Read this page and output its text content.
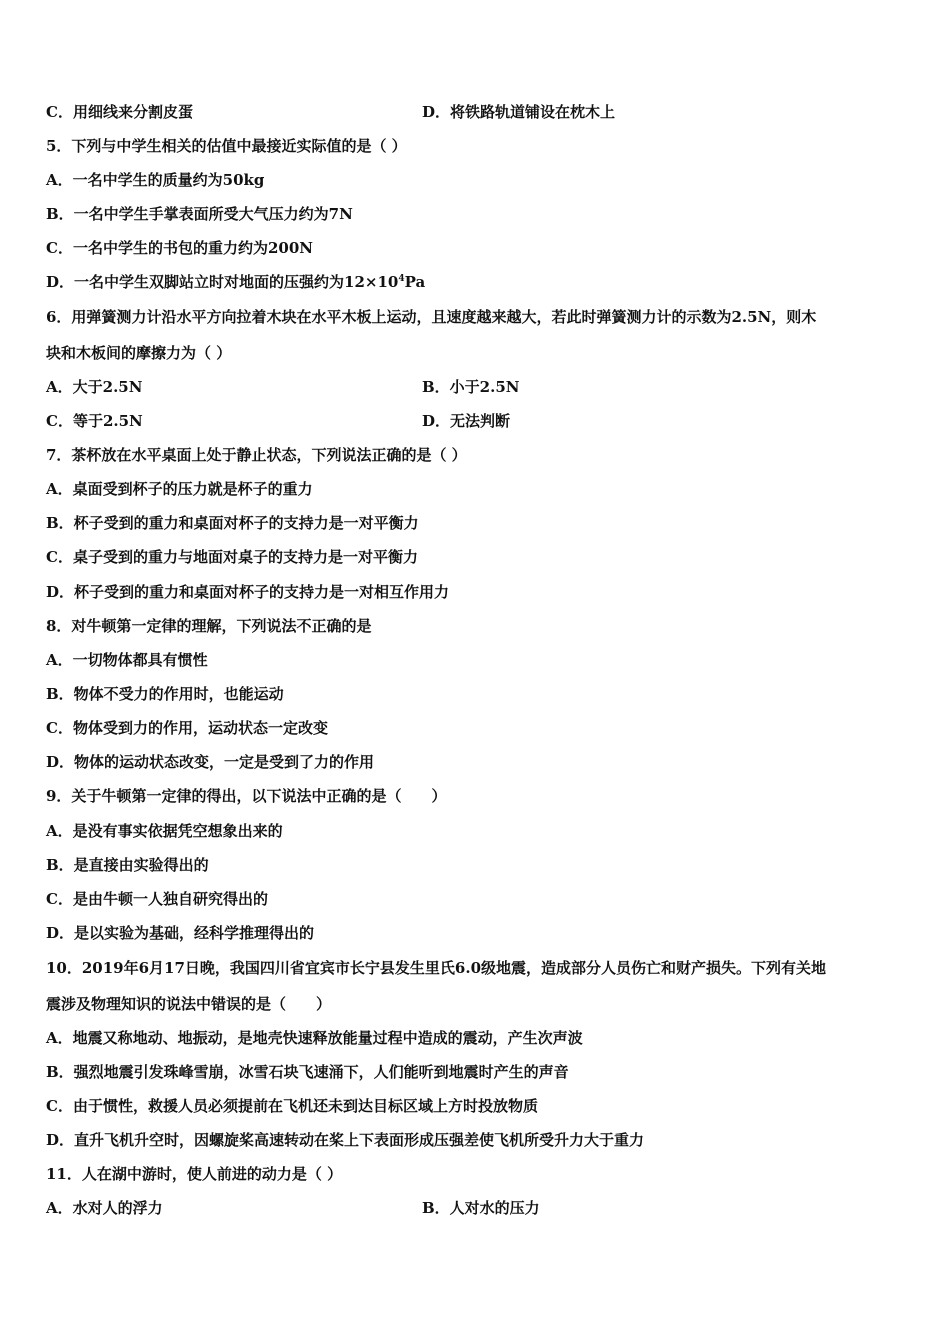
C．用细线来分割皮蛋	D．将铁路轨道铺设在枕木上
5．下列与中学生相关的估值中最接近实际值的是（ ）
A．一名中学生的质量约为50kg
B．一名中学生手掌表面所受大气压力约为7N
C．一名中学生的书包的重力约为200N
D．一名中学生双脚站立时对地面的压强约为$12\times 10^4Pa$
6．用弹簧测力计沿水平方向拉着木块在水平木板上运动，且速度越来越大，若此时弹簧测力计的示数为2.5N，则木
块和木板间的摩擦力为（ ）
A．大于2.5N	B．小于2.5N
C．等于2.5N	D．无法判断
7．茶杯放在水平桌面上处于静止状态，下列说法正确的是（ ）
A．桌面受到杯子的压力就是杯子的重力
B．杯子受到的重力和桌面对杯子的支持力是一对平衡力
C．桌子受到的重力与地面对桌子的支持力是一对平衡力
D．杯子受到的重力和桌面对杯子的支持力是一对相互作用力
8．对牛顿第一定律的理解，下列说法不正确的是
A．一切物体都具有惯性
B．物体不受力的作用时，也能运动
C．物体受到力的作用，运动状态一定改变
D．物体的运动状态改变，一定是受到了力的作用
9．关于牛顿第一定律的得出，以下说法中正确的是（　　）
A．是没有事实依据凭空想象出来的
B．是直接由实验得出的
C．是由牛顿一人独自研究得出的
D．是以实验为基础，经科学推理得出的
10．2019年6月17日晚，我国四川省宜宾市长宁县发生里氏6.0级地震，造成部分人员伤亡和财产损失。下列有关地
震涉及物理知识的说法中错误的是（　　）
A．地震又称地动、地振动，是地壳快速释放能量过程中造成的震动，产生次声波
B．强烈地震引发珠峰雪崩，冰雪石块飞速涌下，人们能听到地震时产生的声音
C．由于惯性，救援人员必须提前在飞机还未到达目标区域上方时投放物质
D．直升飞机升空时，因螺旋桨高速转动在桨上下表面形成压强差使飞机所受升力大于重力
11．人在湖中游时，使人前进的动力是（ ）
A．水对人的浮力	B．人对水的压力
